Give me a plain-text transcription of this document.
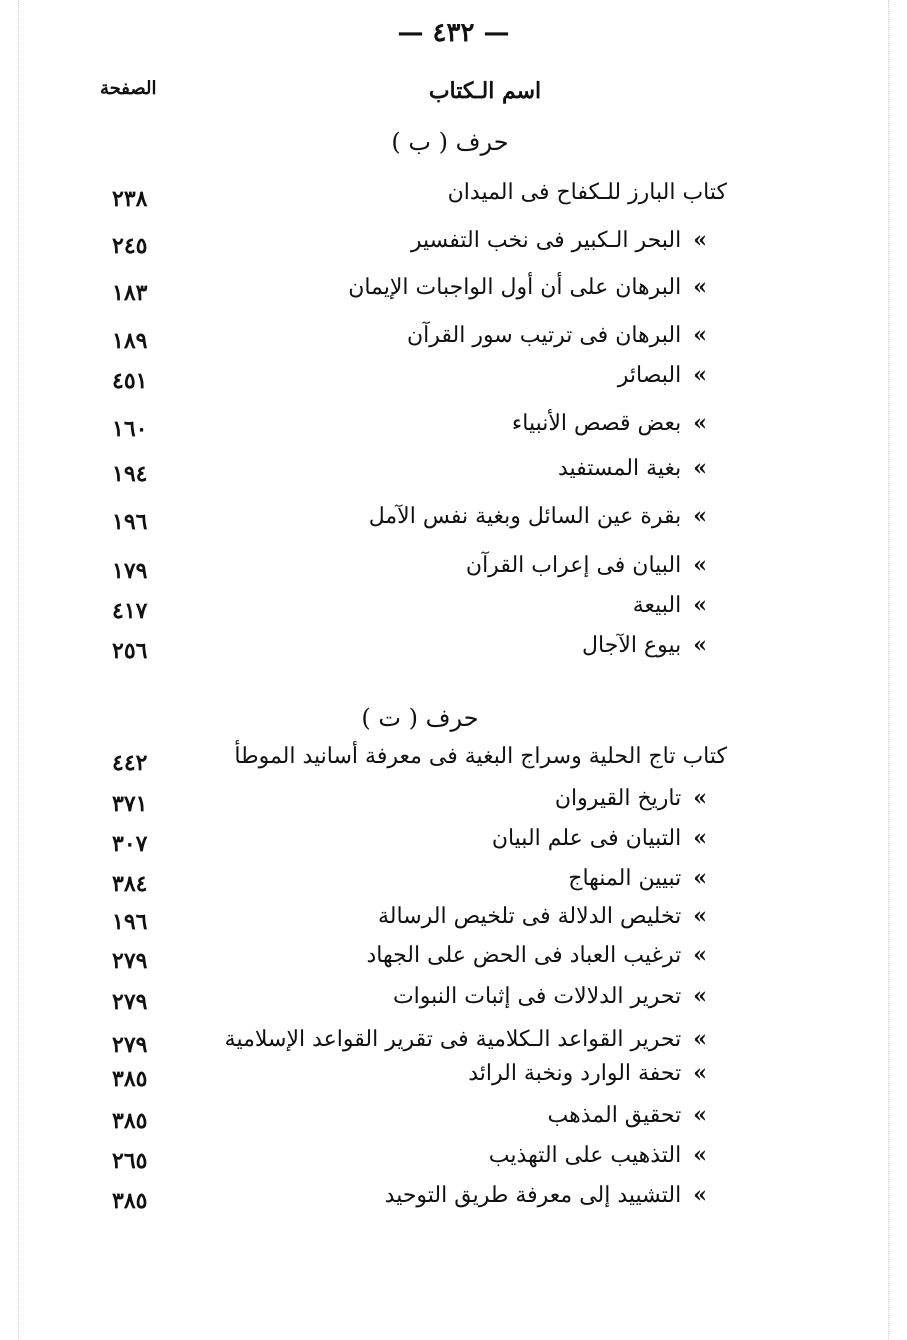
— ٤٣٢ —
اسم الـكتاب
الصفحة
حرف ( ب )
كتاب البارز للـكفاح فى الميدان
٢٣٨
»البحر الـكبير فى نخب التفسير
٢٤٥
»البرهان على أن أول الواجبات الإيمان
١٨٣
»البرهان فى ترتيب سور القرآن
١٨٩
»البصائر
٤٥١
»بعض قصص الأنبياء
١٦٠
»بغية المستفيد
١٩٤
»بقرة عين السائل وبغية نفس الآمل
١٩٦
»البيان فى إعراب القرآن
١٧٩
»البيعة
٤١٧
»بيوع الآجال
٢٥٦
حرف ( ت )
كتاب تاج الحلية وسراج البغية فى معرفة أسانيد الموطأ
٤٤٢
»تاريخ القيروان
٣٧١
»التبيان فى علم البيان
٣٠٧
»تبيين المنهاج
٣٨٤
»تخليص الدلالة فى تلخيص الرسالة
١٩٦
»ترغيب العباد فى الحض على الجهاد
٢٧٩
»تحرير الدلالات فى إثبات النبوات
٢٧٩
»تحرير القواعد الـكلامية فى تقرير القواعد الإسلامية
٢٧٩
»تحفة الوارد ونخبة الرائد
٣٨٥
»تحقيق المذهب
٣٨٥
»التذهيب على التهذيب
٢٦٥
»التشييد إلى معرفة طريق التوحيد
٣٨٥
